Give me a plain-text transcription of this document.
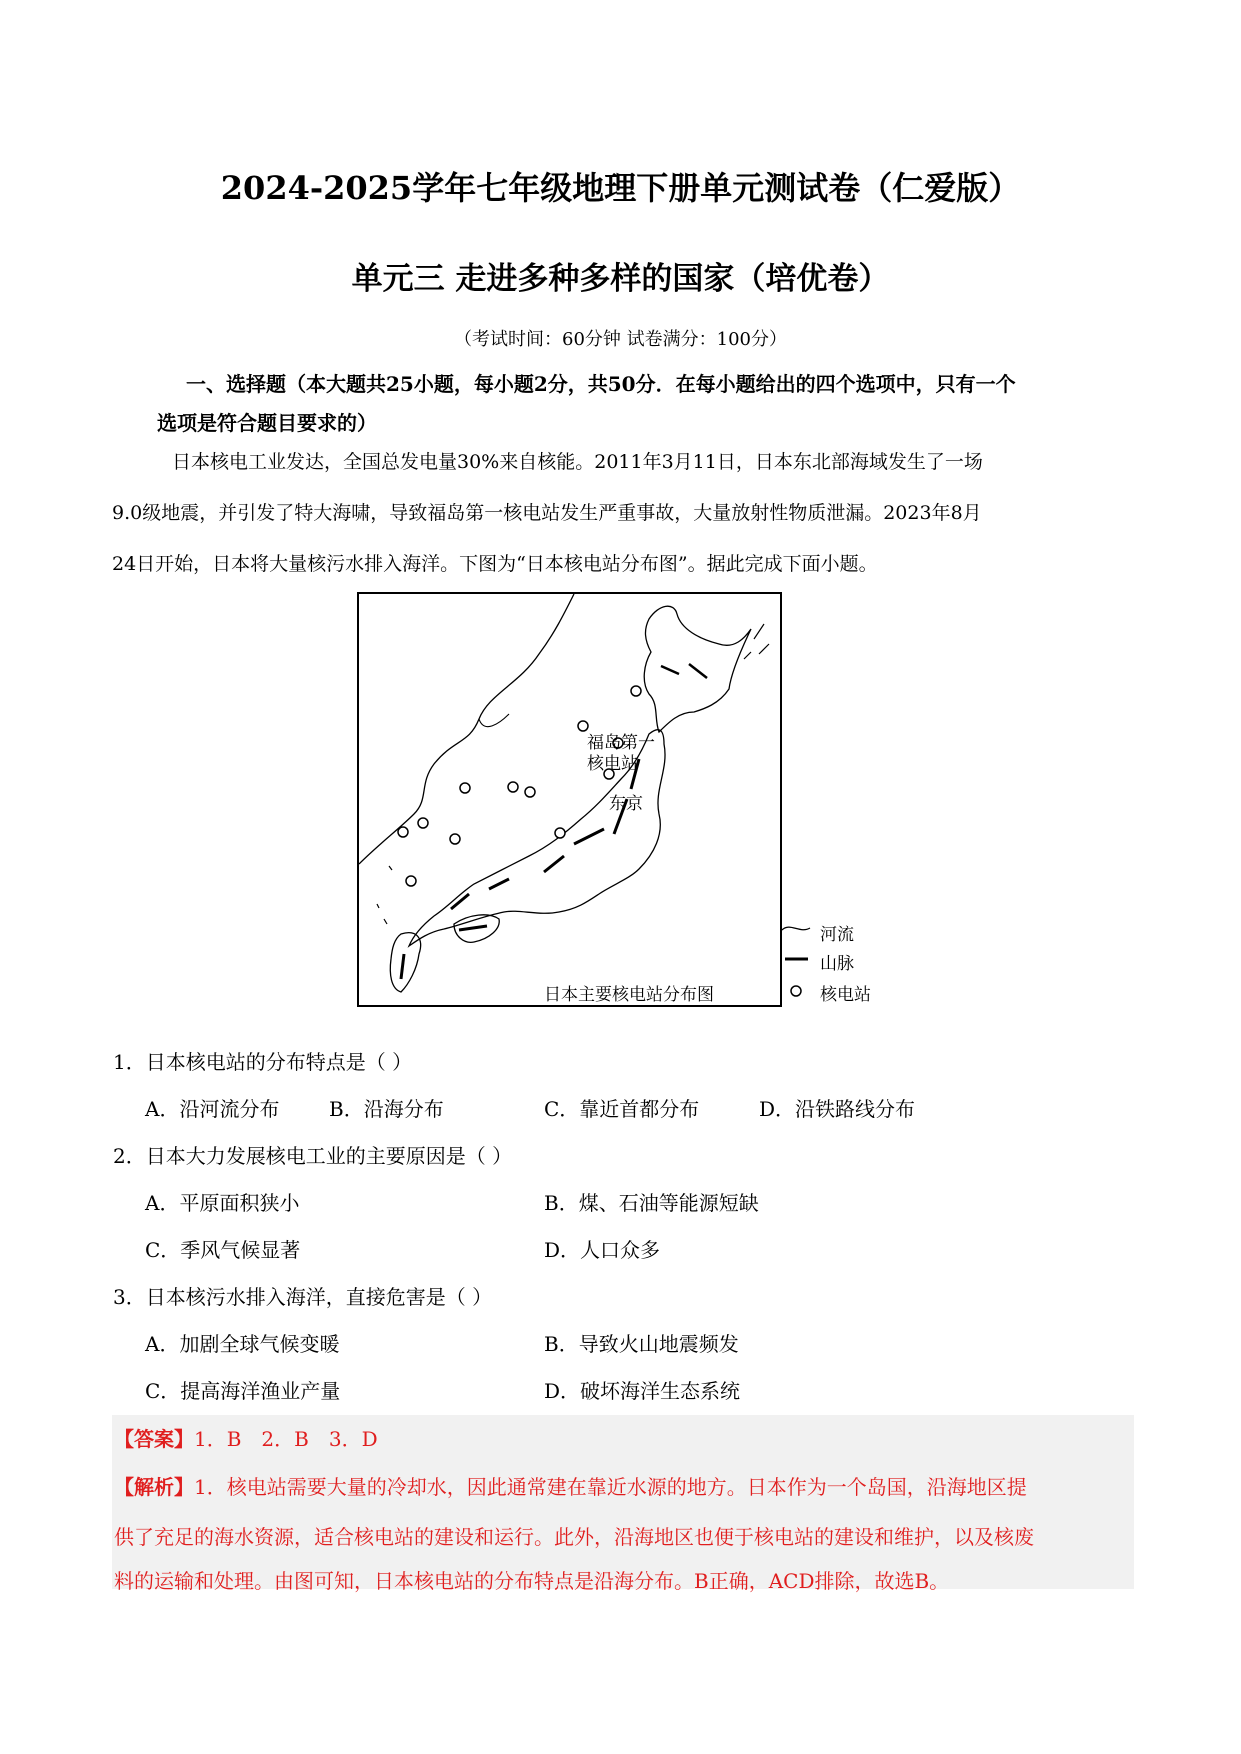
2024-2025学年七年级地理下册单元测试卷（仁爱版）
单元三 走进多种多样的国家（培优卷）
（考试时间：60分钟 试卷满分：100分）
一、选择题（本大题共25小题，每小题2分，共50分．在每小题给出的四个选项中，只有一个
选项是符合题目要求的）
日本核电工业发达，全国总发电量30%来自核能。2011年3月11日，日本东北部海域发生了一场
9.0级地震，并引发了特大海啸，导致福岛第一核电站发生严重事故，大量放射性物质泄漏。2023年8月
24日开始，日本将大量核污水排入海洋。下图为“日本核电站分布图”。据此完成下面小题。
福岛第一
核电站
东京
日本主要核电站分布图
河流
山脉
核电站
1．日本核电站的分布特点是（ ）
A．沿河流分布 B．沿海分布	C．靠近首都分布	D．沿铁路线分布
2．日本大力发展核电工业的主要原因是（ ）
A．平原面积狭小	B．煤、石油等能源短缺
C．季风气候显著	D．人口众多
3．日本核污水排入海洋，直接危害是（ ）
A．加剧全球气候变暖	B．导致火山地震频发
C．提高海洋渔业产量	D．破坏海洋生态系统
【答案】1．B　2．B　3．D
【解析】1．核电站需要大量的冷却水，因此通常建在靠近水源的地方。日本作为一个岛国，沿海地区提
供了充足的海水资源，适合核电站的建设和运行。此外，沿海地区也便于核电站的建设和维护，以及核废
料的运输和处理。由图可知，日本核电站的分布特点是沿海分布。B正确，ACD排除，故选B。
